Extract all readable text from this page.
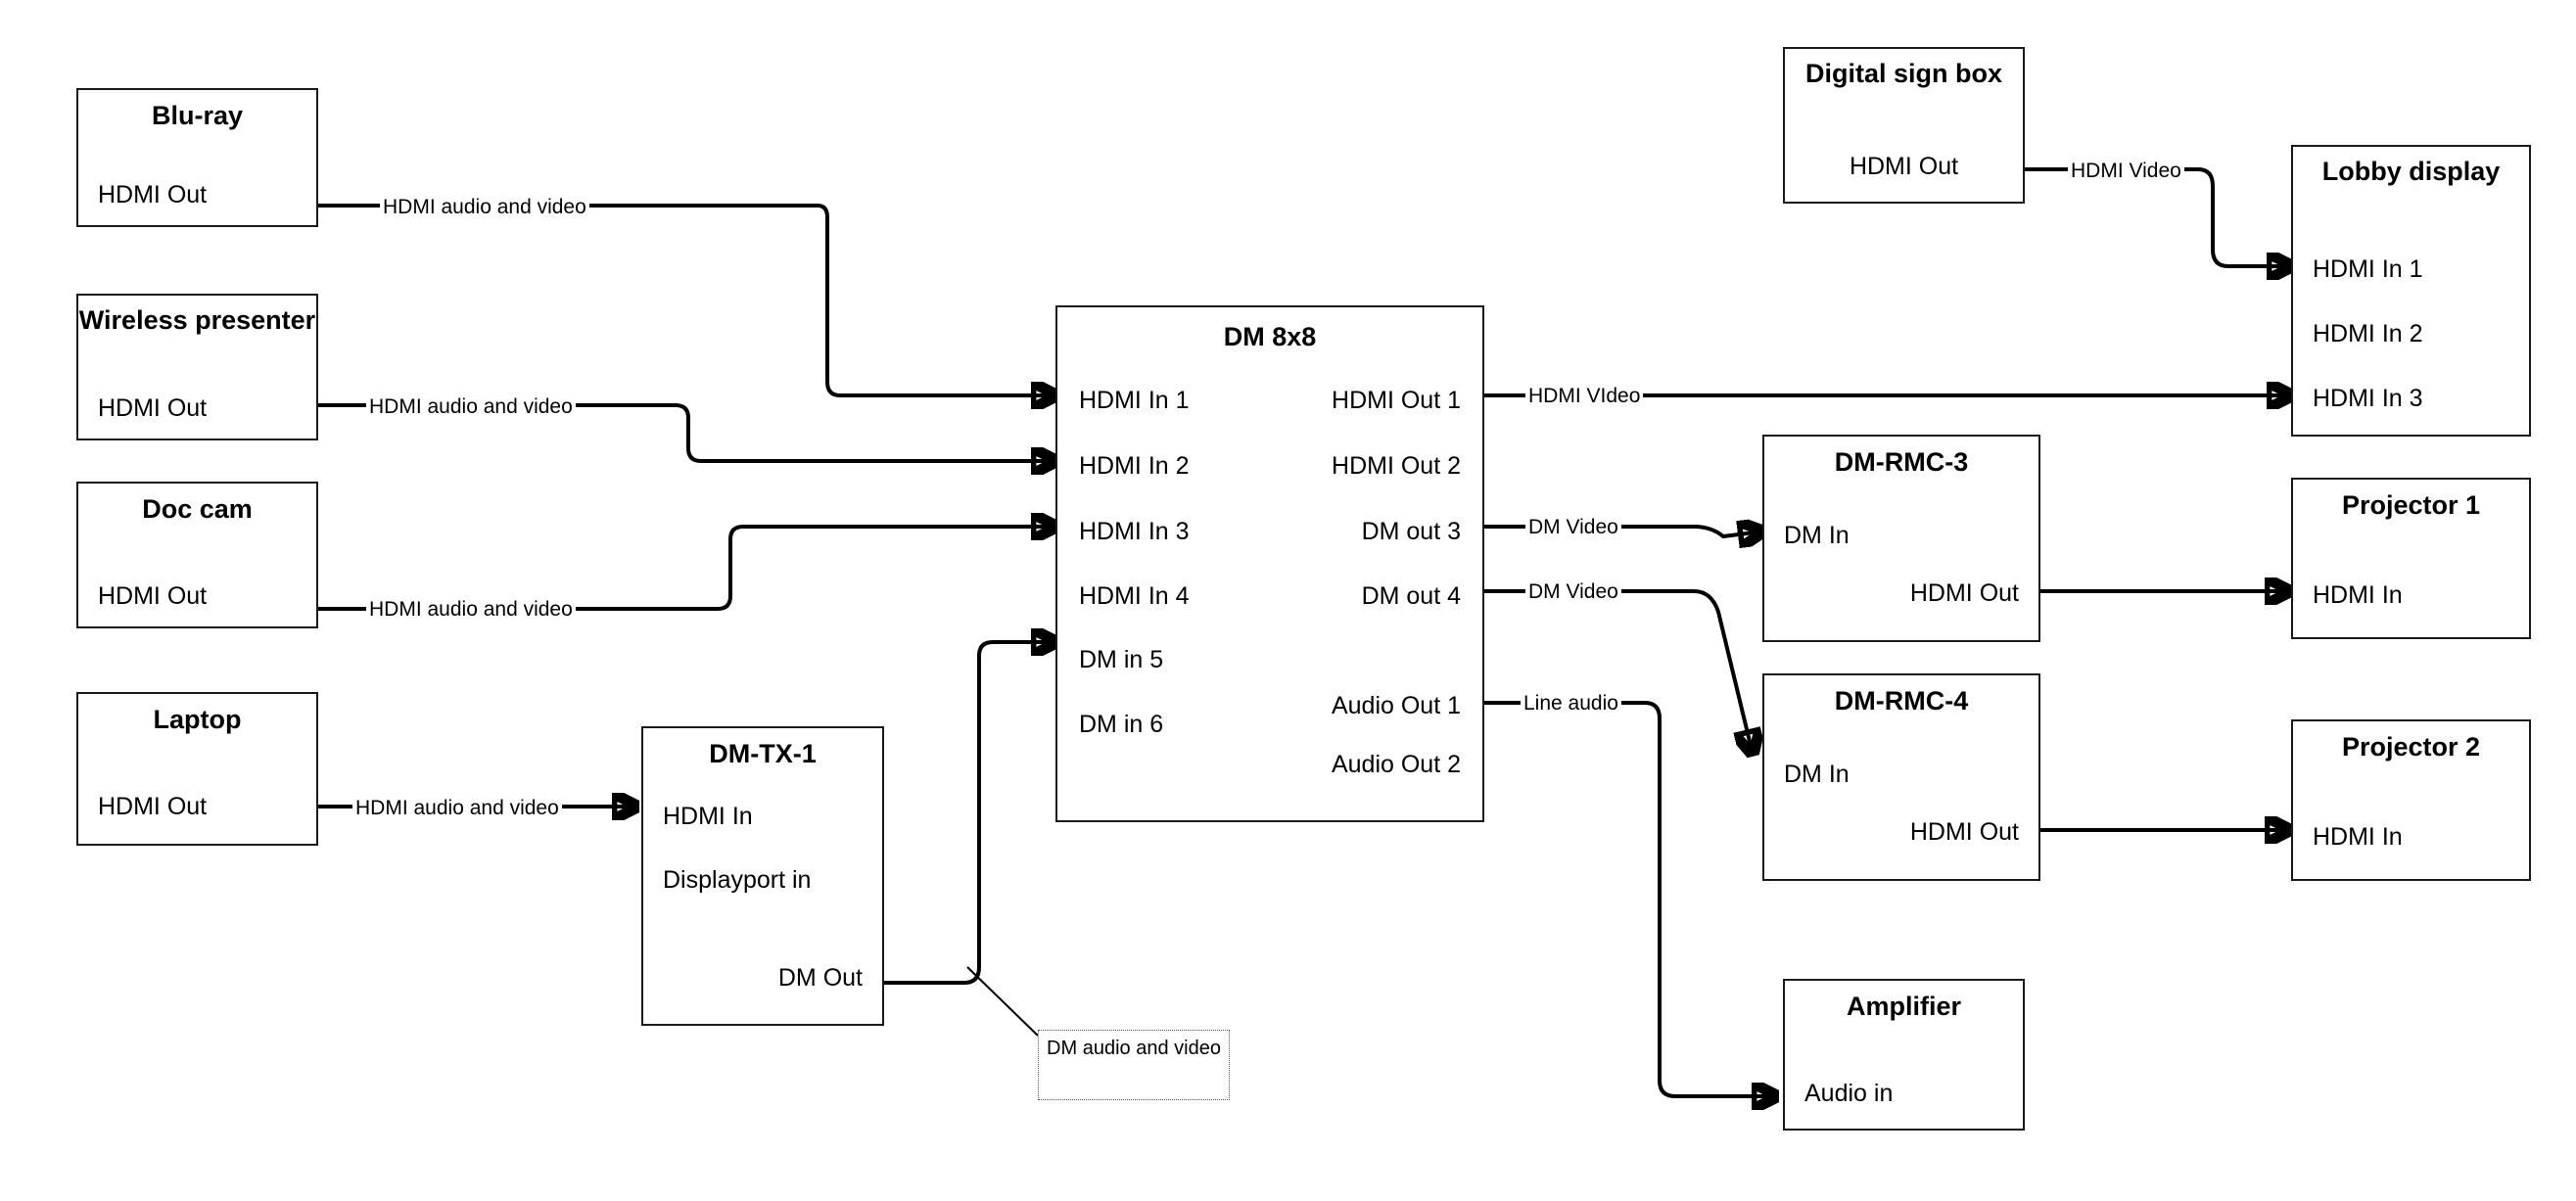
HDMI audio and video
HDMI audio and video
HDMI audio and video
HDMI audio and video
HDMI Video
HDMI VIdeo
DM Video
DM Video
Line audio
DM audio and video
Blu-ray
HDMI Out
Wireless presenter
HDMI Out
Doc cam
HDMI Out
Laptop
HDMI Out
DM-TX-1
HDMI In
Displayport in
DM Out
DM 8x8
HDMI In 1
HDMI In 2
HDMI In 3
HDMI In 4
DM in 5
DM in 6
HDMI Out 1
HDMI Out 2
DM out 3
DM out 4
Audio Out 1
Audio Out 2
Digital sign box
HDMI Out	Lobby display
HDMI In 1
HDMI In 2
HDMI In 3
DM-RMC-3
DM In
HDMI Out
DM-RMC-4
DM In
HDMI Out
Projector 1
HDMI In
Projector 2
HDMI In
Amplifier
Audio in
